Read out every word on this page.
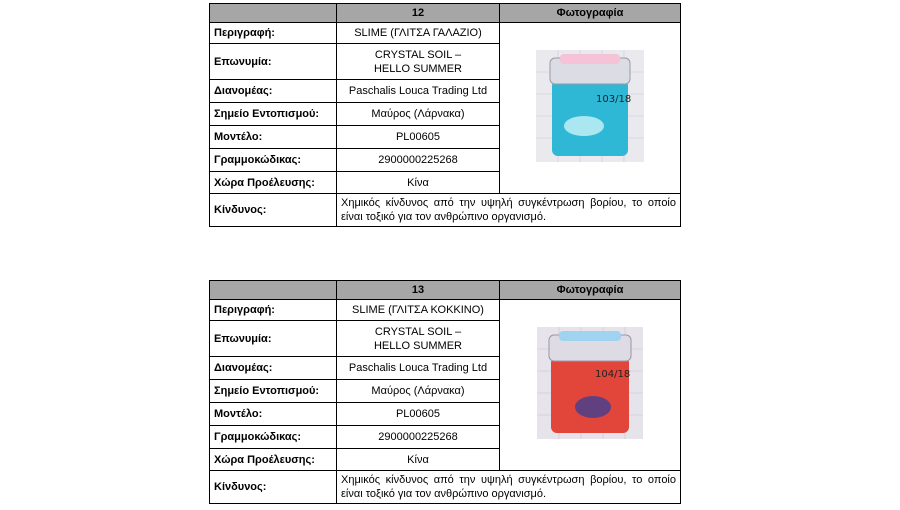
	12	Φωτογραφία
Περιγραφή:	SLIME (ΓΛΙΤΣΑ ΓΑΛΑΖΙΟ)	103/18

Επωνυμία:	CRYSTAL SOIL –
HELLO SUMMER	

Διανομέας:	Paschalis Louca Trading Ltd	
Σημείο Εντοπισμού:	Μαύρος (Λάρνακα)	
Μοντέλο:	PL00605	
Γραμμοκώδικας:	2900000225268	
Χώρα Προέλευσης:	Κίνα	
Κίνδυνος:	Χημικός κίνδυνος από την υψηλή συγκέντρωση βορίου, το οποίο είναι τοξικό για τον ανθρώπινο οργανισμό.	
	13	Φωτογραφία
Περιγραφή:	SLIME (ΓΛΙΤΣΑ ΚΟΚΚΙΝΟ)	104/18

Επωνυμία:	CRYSTAL SOIL –
HELLO SUMMER	

Διανομέας:	Paschalis Louca Trading Ltd	
Σημείο Εντοπισμού:	Μαύρος (Λάρνακα)	
Μοντέλο:	PL00605	
Γραμμοκώδικας:	2900000225268	
Χώρα Προέλευσης:	Κίνα	
Κίνδυνος:	Χημικός κίνδυνος από την υψηλή συγκέντρωση βορίου, το οποίο είναι τοξικό για τον ανθρώπινο οργανισμό.	
